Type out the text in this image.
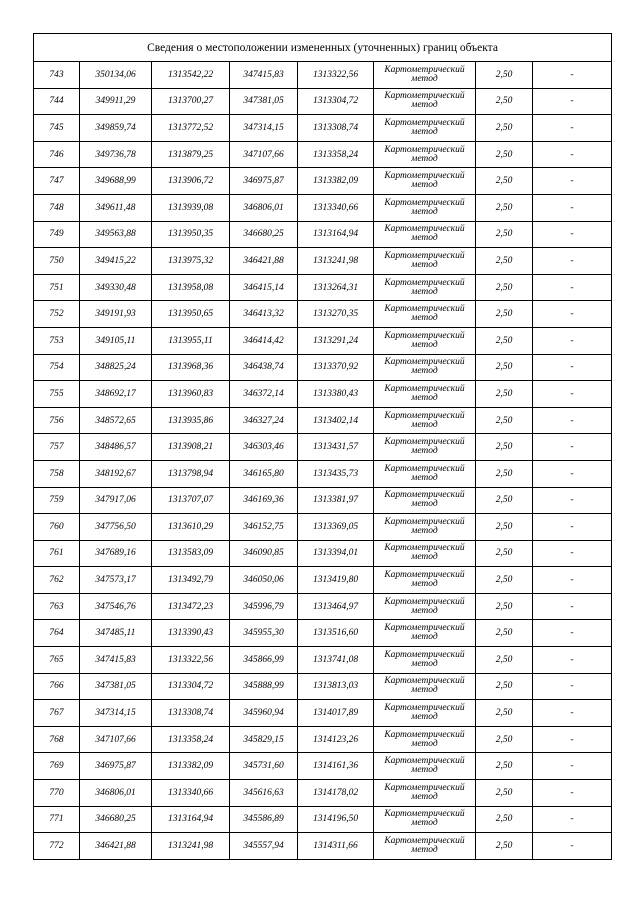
Сведения о местоположении измененных (уточненных) границ объекта							
743	350134,06	1313542,22	347415,83	1313322,56	Картометрический метод	2,50	-
744	349911,29	1313700,27	347381,05	1313304,72	Картометрический метод	2,50	-
745	349859,74	1313772,52	347314,15	1313308,74	Картометрический метод	2,50	-
746	349736,78	1313879,25	347107,66	1313358,24	Картометрический метод	2,50	-
747	349688,99	1313906,72	346975,87	1313382,09	Картометрический метод	2,50	-
748	349611,48	1313939,08	346806,01	1313340,66	Картометрический метод	2,50	-
749	349563,88	1313950,35	346680,25	1313164,94	Картометрический метод	2,50	-
750	349415,22	1313975,32	346421,88	1313241,98	Картометрический метод	2,50	-
751	349330,48	1313958,08	346415,14	1313264,31	Картометрический метод	2,50	-
752	349191,93	1313950,65	346413,32	1313270,35	Картометрический метод	2,50	-
753	349105,11	1313955,11	346414,42	1313291,24	Картометрический метод	2,50	-
754	348825,24	1313968,36	346438,74	1313370,92	Картометрический метод	2,50	-
755	348692,17	1313960,83	346372,14	1313380,43	Картометрический метод	2,50	-
756	348572,65	1313935,86	346327,24	1313402,14	Картометрический метод	2,50	-
757	348486,57	1313908,21	346303,46	1313431,57	Картометрический метод	2,50	-
758	348192,67	1313798,94	346165,80	1313435,73	Картометрический метод	2,50	-
759	347917,06	1313707,07	346169,36	1313381,97	Картометрический метод	2,50	-
760	347756,50	1313610,29	346152,75	1313369,05	Картометрический метод	2,50	-
761	347689,16	1313583,09	346090,85	1313394,01	Картометрический метод	2,50	-
762	347573,17	1313492,79	346050,06	1313419,80	Картометрический метод	2,50	-
763	347546,76	1313472,23	345996,79	1313464,97	Картометрический метод	2,50	-
764	347485,11	1313390,43	345955,30	1313516,60	Картометрический метод	2,50	-
765	347415,83	1313322,56	345866,99	1313741,08	Картометрический метод	2,50	-
766	347381,05	1313304,72	345888,99	1313813,03	Картометрический метод	2,50	-
767	347314,15	1313308,74	345960,94	1314017,89	Картометрический метод	2,50	-
768	347107,66	1313358,24	345829,15	1314123,26	Картометрический метод	2,50	-
769	346975,87	1313382,09	345731,60	1314161,36	Картометрический метод	2,50	-
770	346806,01	1313340,66	345616,63	1314178,02	Картометрический метод	2,50	-
771	346680,25	1313164,94	345586,89	1314196,50	Картометрический метод	2,50	-
772	346421,88	1313241,98	345557,94	1314311,66	Картометрический метод	2,50	-
